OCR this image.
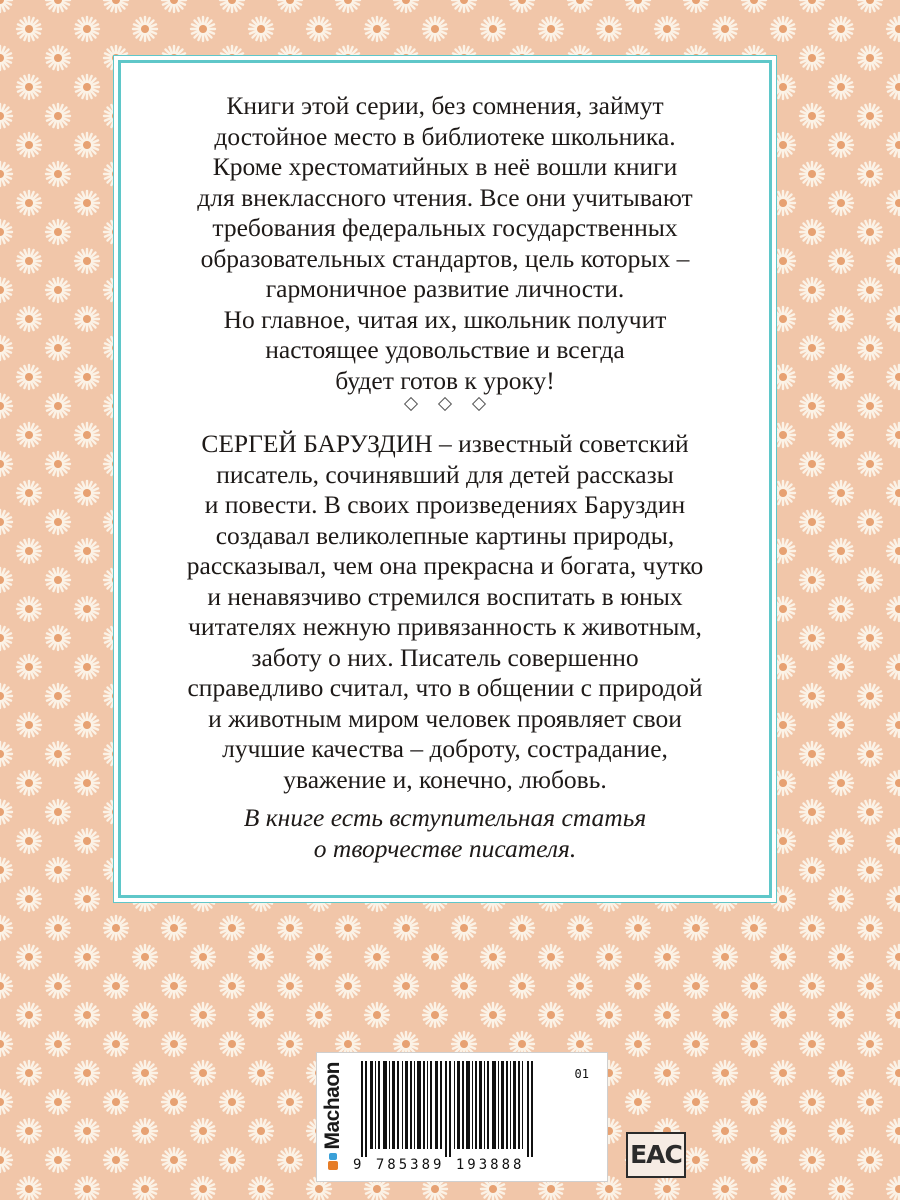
Книги этой серии, без сомнения, займут
достойное место в библиотеке школьника.
Кроме хрестоматийных в неё вошли книги
для внеклассного чтения. Все они учитывают
требования федеральных государственных
образовательных стандартов, цель которых –
гармоничное развитие личности.
Но главное, читая их, школьник получит
настоящее удовольствие и всегда
будет готов к уроку!

СЕРГЕЙ БАРУЗДИН – известный советский
писатель, сочинявший для детей рассказы
и повести. В своих произведениях Баруздин
создавал великолепные картины природы,
рассказывал, чем она прекрасна и богата, чутко
и ненавязчиво стремился воспитать в юных
читателях нежную привязанность к животным,
заботу о них. Писатель совершенно
справедливо считал, что в общении с природой
и животным миром человек проявляет свои
лучшие качества – доброту, сострадание,
уважение и, конечно, любовь.
В книге есть вступительная статья
о творчестве писателя.
Machaon	01
9 785389 193888	EAC
